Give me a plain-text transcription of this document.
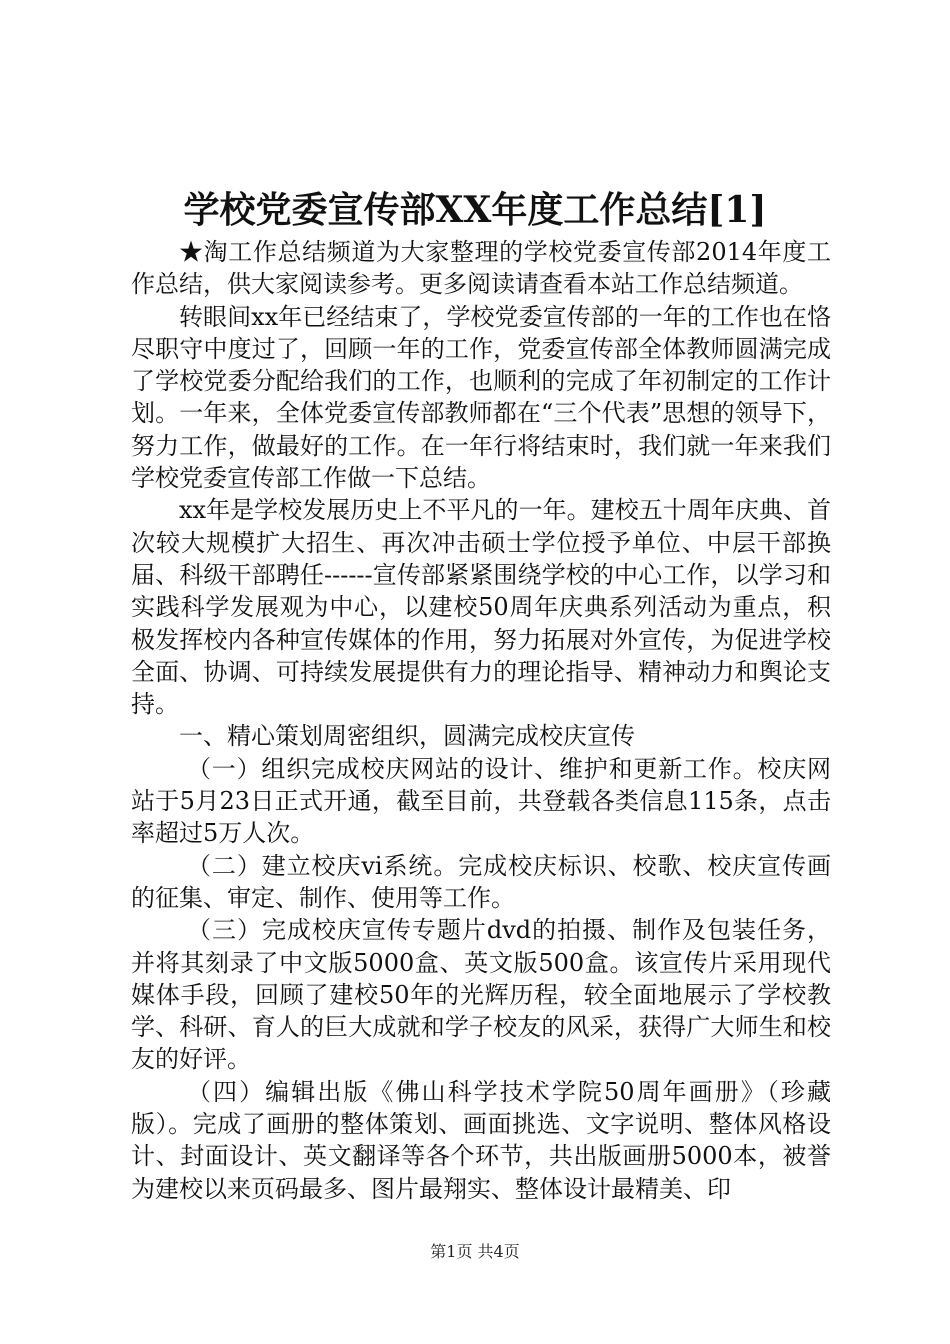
学校党委宣传部XX年度工作总结[1]

★淘工作总结频道为大家整理的学校党委宣传部2014年度工作总结，供大家阅读参考。更多阅读请查看本站工作总结频道。

转眼间xx年已经结束了，学校党委宣传部的一年的工作也在恪尽职守中度过了，回顾一年的工作，党委宣传部全体教师圆满完成了学校党委分配给我们的工作，也顺利的完成了年初制定的工作计划。一年来，全体党委宣传部教师都在“三个代表”思想的领导下，努力工作，做最好的工作。在一年行将结束时，我们就一年来我们学校党委宣传部工作做一下总结。

xx年是学校发展历史上不平凡的一年。建校五十周年庆典、首次较大规模扩大招生、再次冲击硕士学位授予单位、中层干部换届、科级干部聘任------宣传部紧紧围绕学校的中心工作，以学习和实践科学发展观为中心，以建校50周年庆典系列活动为重点，积极发挥校内各种宣传媒体的作用，努力拓展对外宣传，为促进学校全面、协调、可持续发展提供有力的理论指导、精神动力和舆论支持。

一、精心策划周密组织，圆满完成校庆宣传

（一）组织完成校庆网站的设计、维护和更新工作。校庆网站于5月23日正式开通，截至目前，共登载各类信息115条，点击率超过5万人次。

（二）建立校庆vi系统。完成校庆标识、校歌、校庆宣传画的征集、审定、制作、使用等工作。

（三）完成校庆宣传专题片dvd的拍摄、制作及包装任务，并将其刻录了中文版5000盒、英文版500盒。该宣传片采用现代媒体手段，回顾了建校50年的光辉历程，较全面地展示了学校教学、科研、育人的巨大成就和学子校友的风采，获得广大师生和校友的好评。

（四）编辑出版《佛山科学技术学院50周年画册》（珍藏版）。完成了画册的整体策划、画面挑选、文字说明、整体风格设计、封面设计、英文翻译等各个环节，共出版画册5000本，被誉为建校以来页码最多、图片最翔实、整体设计最精美、印

第1页 共4页
